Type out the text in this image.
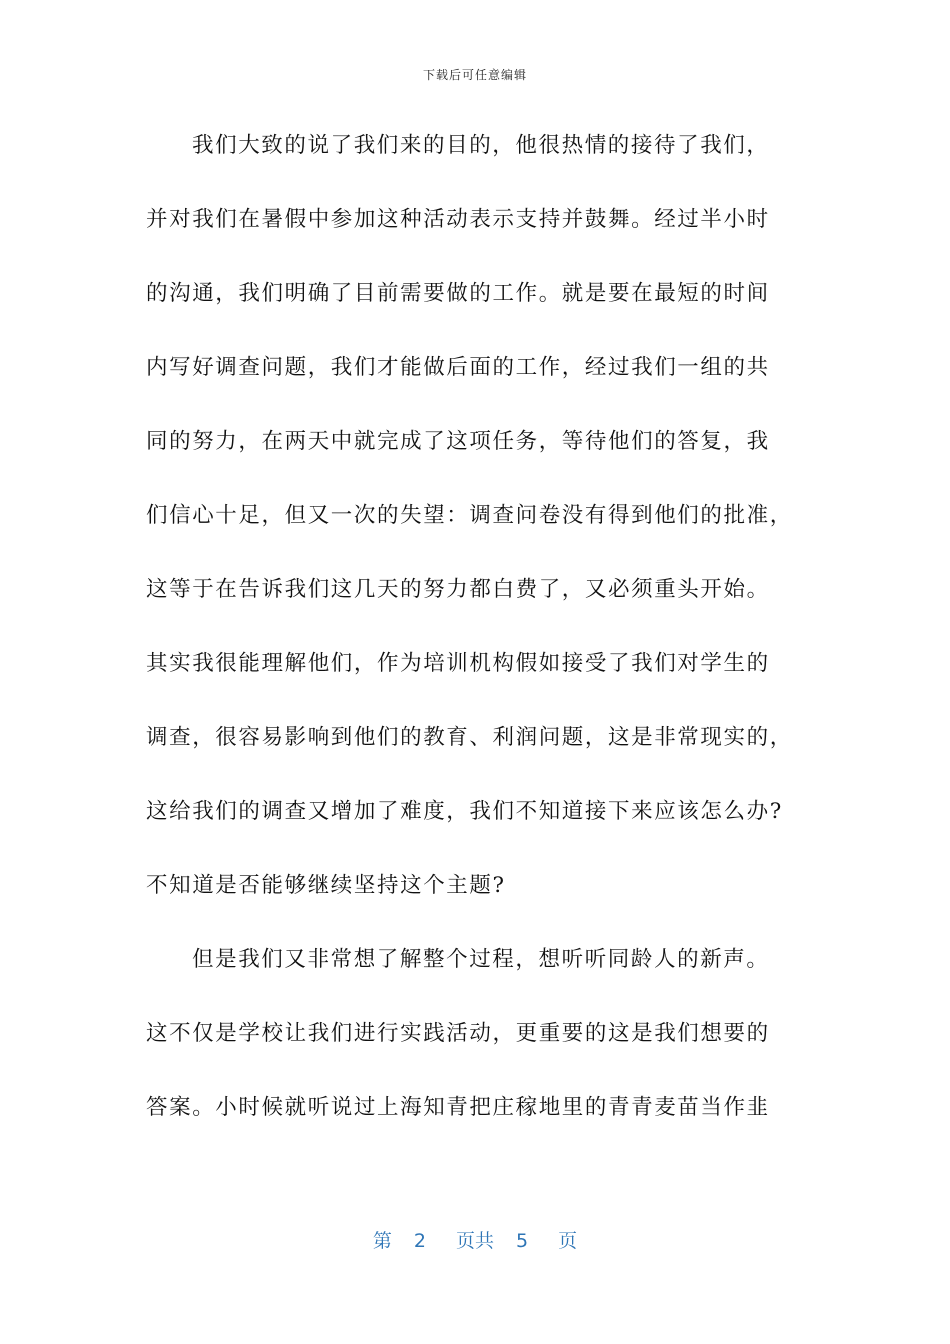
下载后可任意编辑
我们大致的说了我们来的目的，他很热情的接待了我们，
并对我们在暑假中参加这种活动表示支持并鼓舞。经过半小时
的沟通，我们明确了目前需要做的工作。就是要在最短的时间
内写好调查问题，我们才能做后面的工作，经过我们一组的共
同的努力，在两天中就完成了这项任务，等待他们的答复，我
们信心十足，但又一次的失望：调查问卷没有得到他们的批准，
这等于在告诉我们这几天的努力都白费了，又必须重头开始。
其实我很能理解他们，作为培训机构假如接受了我们对学生的
调查，很容易影响到他们的教育、利润问题，这是非常现实的，
这给我们的调查又增加了难度，我们不知道接下来应该怎么办?
不知道是否能够继续坚持这个主题?
但是我们又非常想了解整个过程，想听听同龄人的新声。
这不仅是学校让我们进行实践活动，更重要的这是我们想要的
答案。小时候就听说过上海知青把庄稼地里的青青麦苗当作韭
第 2 页共 5 页
